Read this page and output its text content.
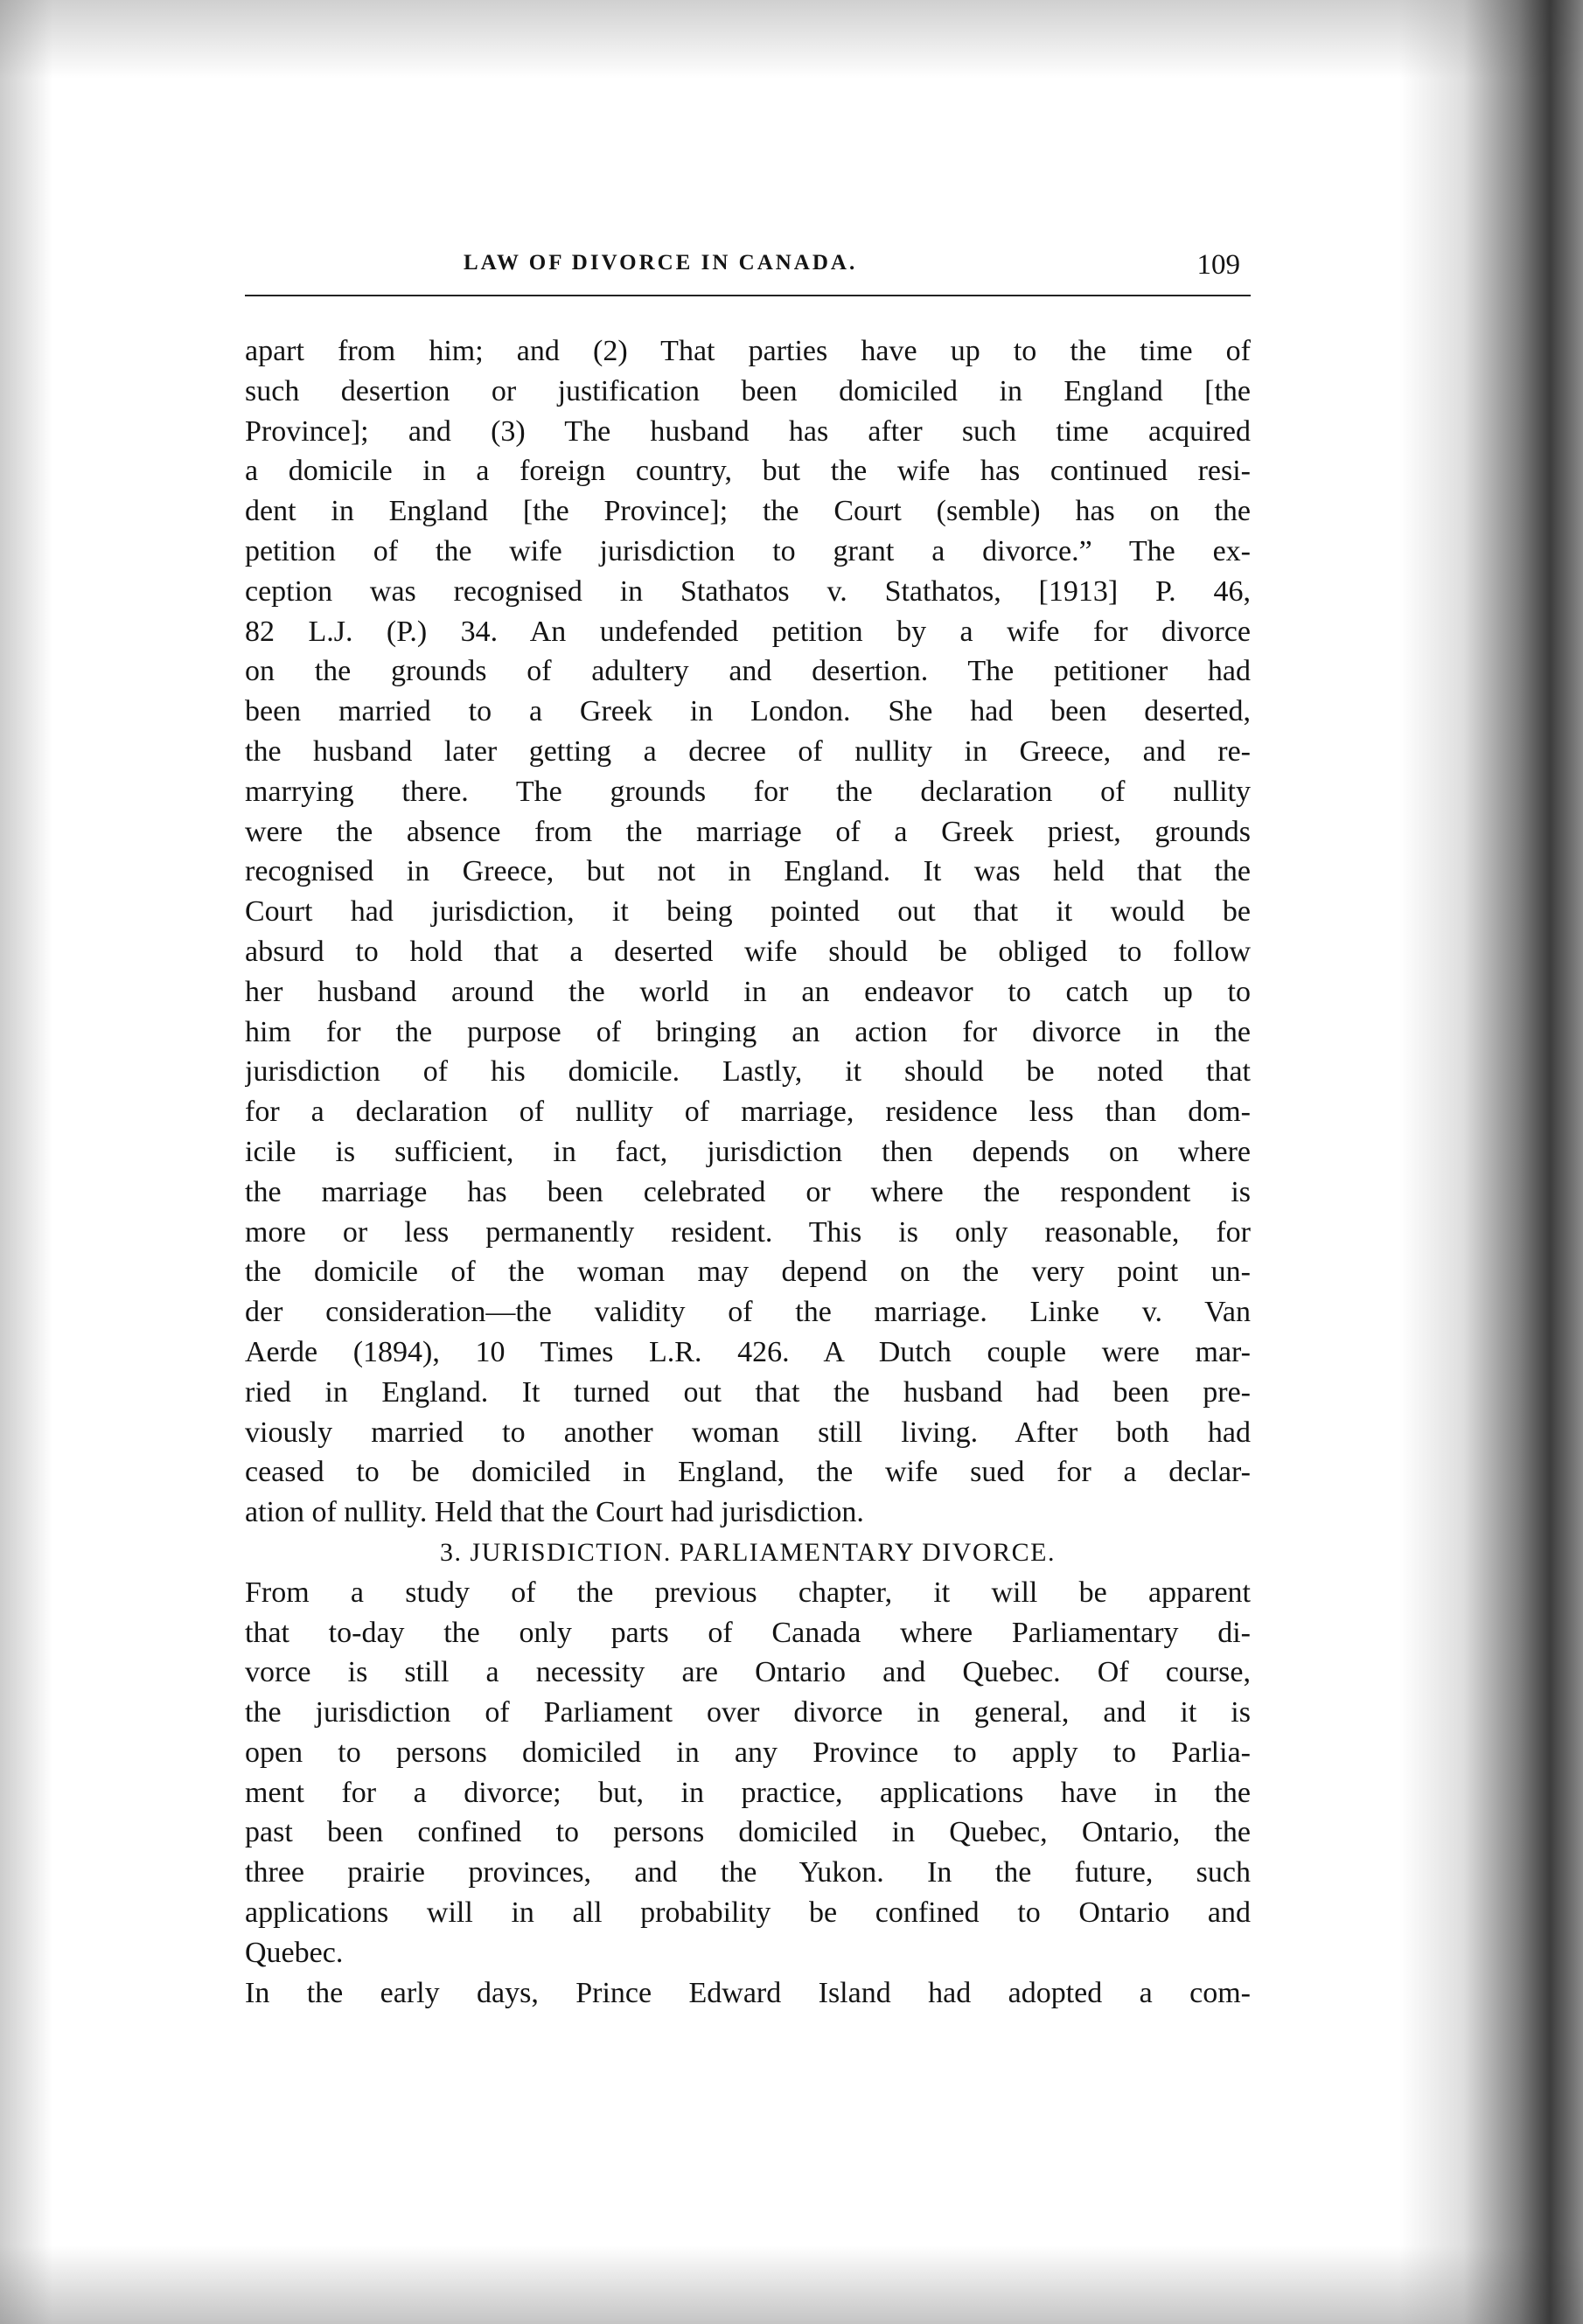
LAW OF DIVORCE IN CANADA.	109
apart from him; and (2) That parties have up to the time of
such desertion or justification been domiciled in England [the
Province]; and (3) The husband has after such time acquired
a domicile in a foreign country, but the wife has continued resi-
dent in England [the Province]; the Court (semble) has on the
petition of the wife jurisdiction to grant a divorce.” The ex-
ception was recognised in Stathatos v. Stathatos, [1913] P. 46,
82 L.J. (P.) 34. An undefended petition by a wife for divorce
on the grounds of adultery and desertion. The petitioner had
been married to a Greek in London. She had been deserted,
the husband later getting a decree of nullity in Greece, and re-
marrying there. The grounds for the declaration of nullity
were the absence from the marriage of a Greek priest, grounds
recognised in Greece, but not in England. It was held that the
Court had jurisdiction, it being pointed out that it would be
absurd to hold that a deserted wife should be obliged to follow
her husband around the world in an endeavor to catch up to
him for the purpose of bringing an action for divorce in the
jurisdiction of his domicile. Lastly, it should be noted that
for a declaration of nullity of marriage, residence less than dom-
icile is sufficient, in fact, jurisdiction then depends on where
the marriage has been celebrated or where the respondent is
more or less permanently resident. This is only reasonable, for
the domicile of the woman may depend on the very point un-
der consideration—the validity of the marriage. Linke v. Van
Aerde (1894), 10 Times L.R. 426. A Dutch couple were mar-
ried in England. It turned out that the husband had been pre-
viously married to another woman still living. After both had
ceased to be domiciled in England, the wife sued for a declar-
ation of nullity. Held that the Court had jurisdiction.
3. JURISDICTION. PARLIAMENTARY DIVORCE.
From a study of the previous chapter, it will be apparent
that to-day the only parts of Canada where Parliamentary di-
vorce is still a necessity are Ontario and Quebec. Of course,
the jurisdiction of Parliament over divorce in general, and it is
open to persons domiciled in any Province to apply to Parlia-
ment for a divorce; but, in practice, applications have in the
past been confined to persons domiciled in Quebec, Ontario, the
three prairie provinces, and the Yukon. In the future, such
applications will in all probability be confined to Ontario and
Quebec.
In the early days, Prince Edward Island had adopted a com-
